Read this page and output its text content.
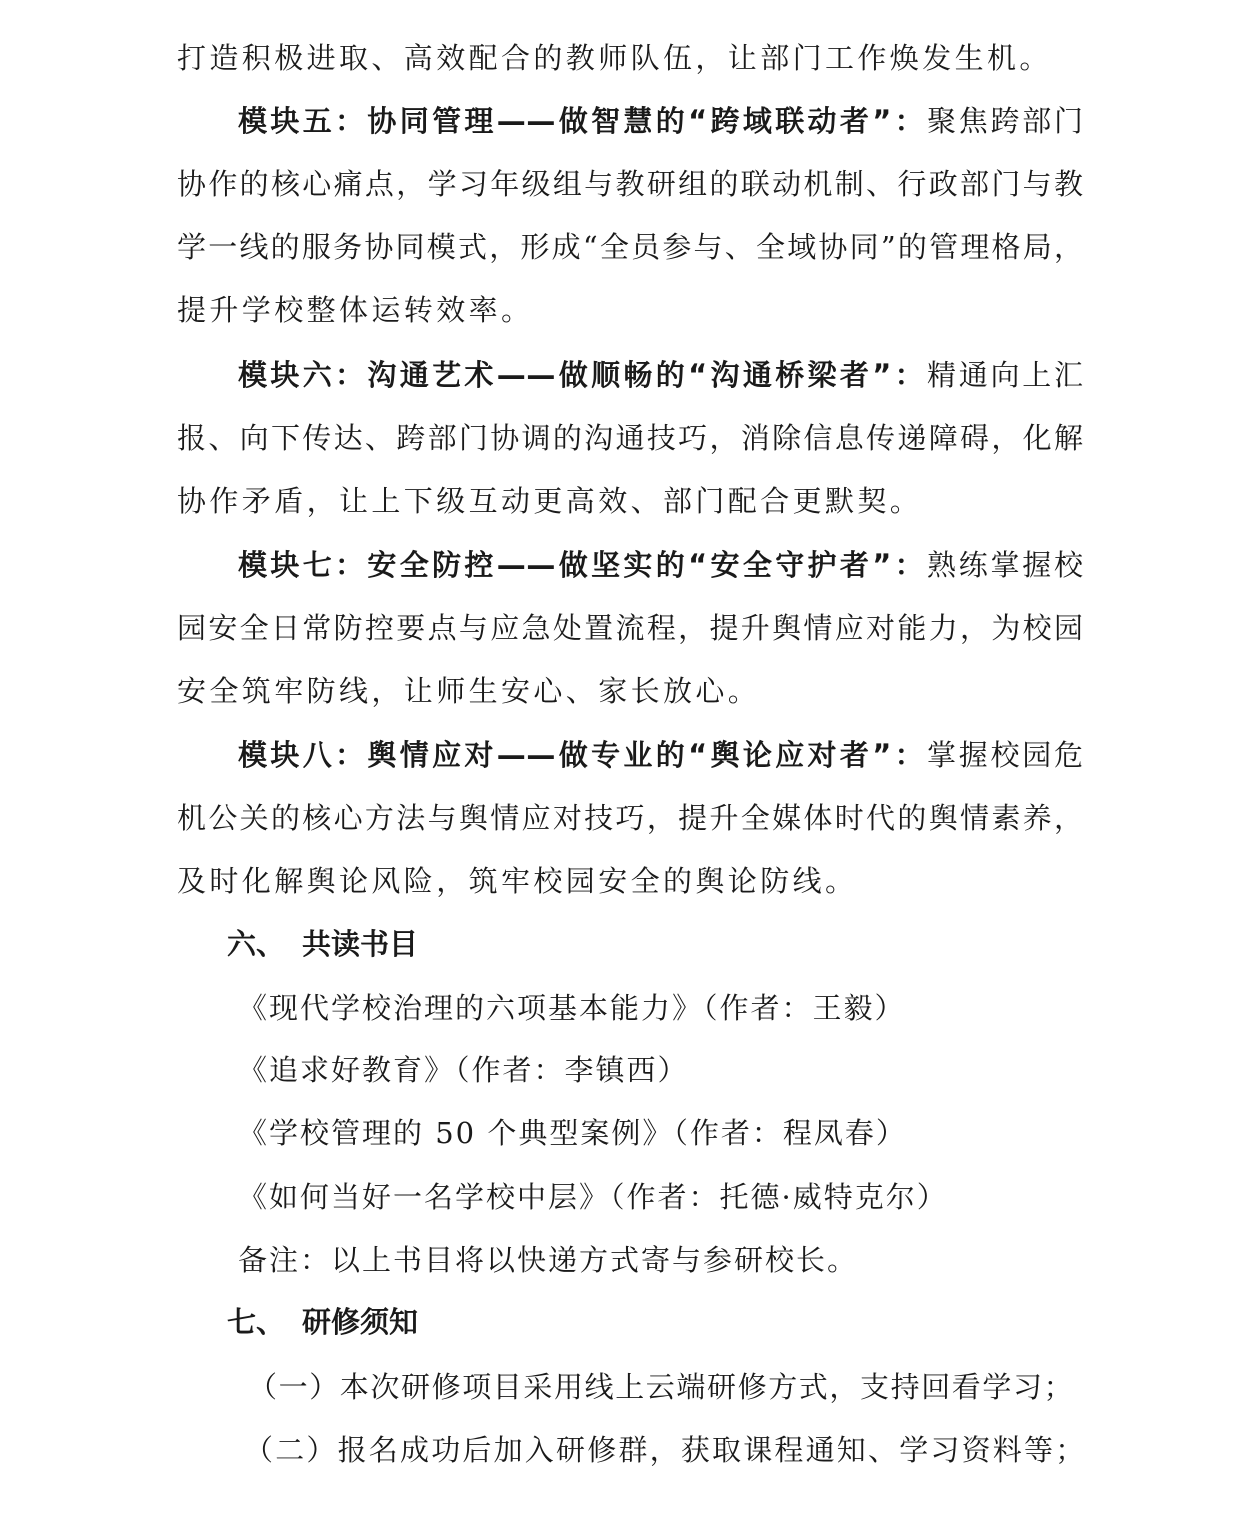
打造积极进取、高效配合的教师队伍，让部门工作焕发生机。
模块五：协同管理——做智慧的“跨域联动者”：聚焦跨部门
协作的核心痛点，学习年级组与教研组的联动机制、行政部门与教
学一线的服务协同模式，形成“全员参与、全域协同”的管理格局，
提升学校整体运转效率。
模块六：沟通艺术——做顺畅的“沟通桥梁者”：精通向上汇
报、向下传达、跨部门协调的沟通技巧，消除信息传递障碍，化解
协作矛盾，让上下级互动更高效、部门配合更默契。
模块七：安全防控——做坚实的“安全守护者”：熟练掌握校
园安全日常防控要点与应急处置流程，提升舆情应对能力，为校园
安全筑牢防线，让师生安心、家长放心。
模块八：舆情应对——做专业的“舆论应对者”：掌握校园危
机公关的核心方法与舆情应对技巧，提升全媒体时代的舆情素养，
及时化解舆论风险，筑牢校园安全的舆论防线。
六、 共读书目
《现代学校治理的六项基本能力》（作者：王毅）
《追求好教育》（作者：李镇西）
《学校管理的 50 个典型案例》（作者：程凤春）
《如何当好一名学校中层》（作者：托德·威特克尔）
备注：以上书目将以快递方式寄与参研校长。
七、 研修须知
（一）本次研修项目采用线上云端研修方式，支持回看学习；
（二）报名成功后加入研修群，获取课程通知、学习资料等；
